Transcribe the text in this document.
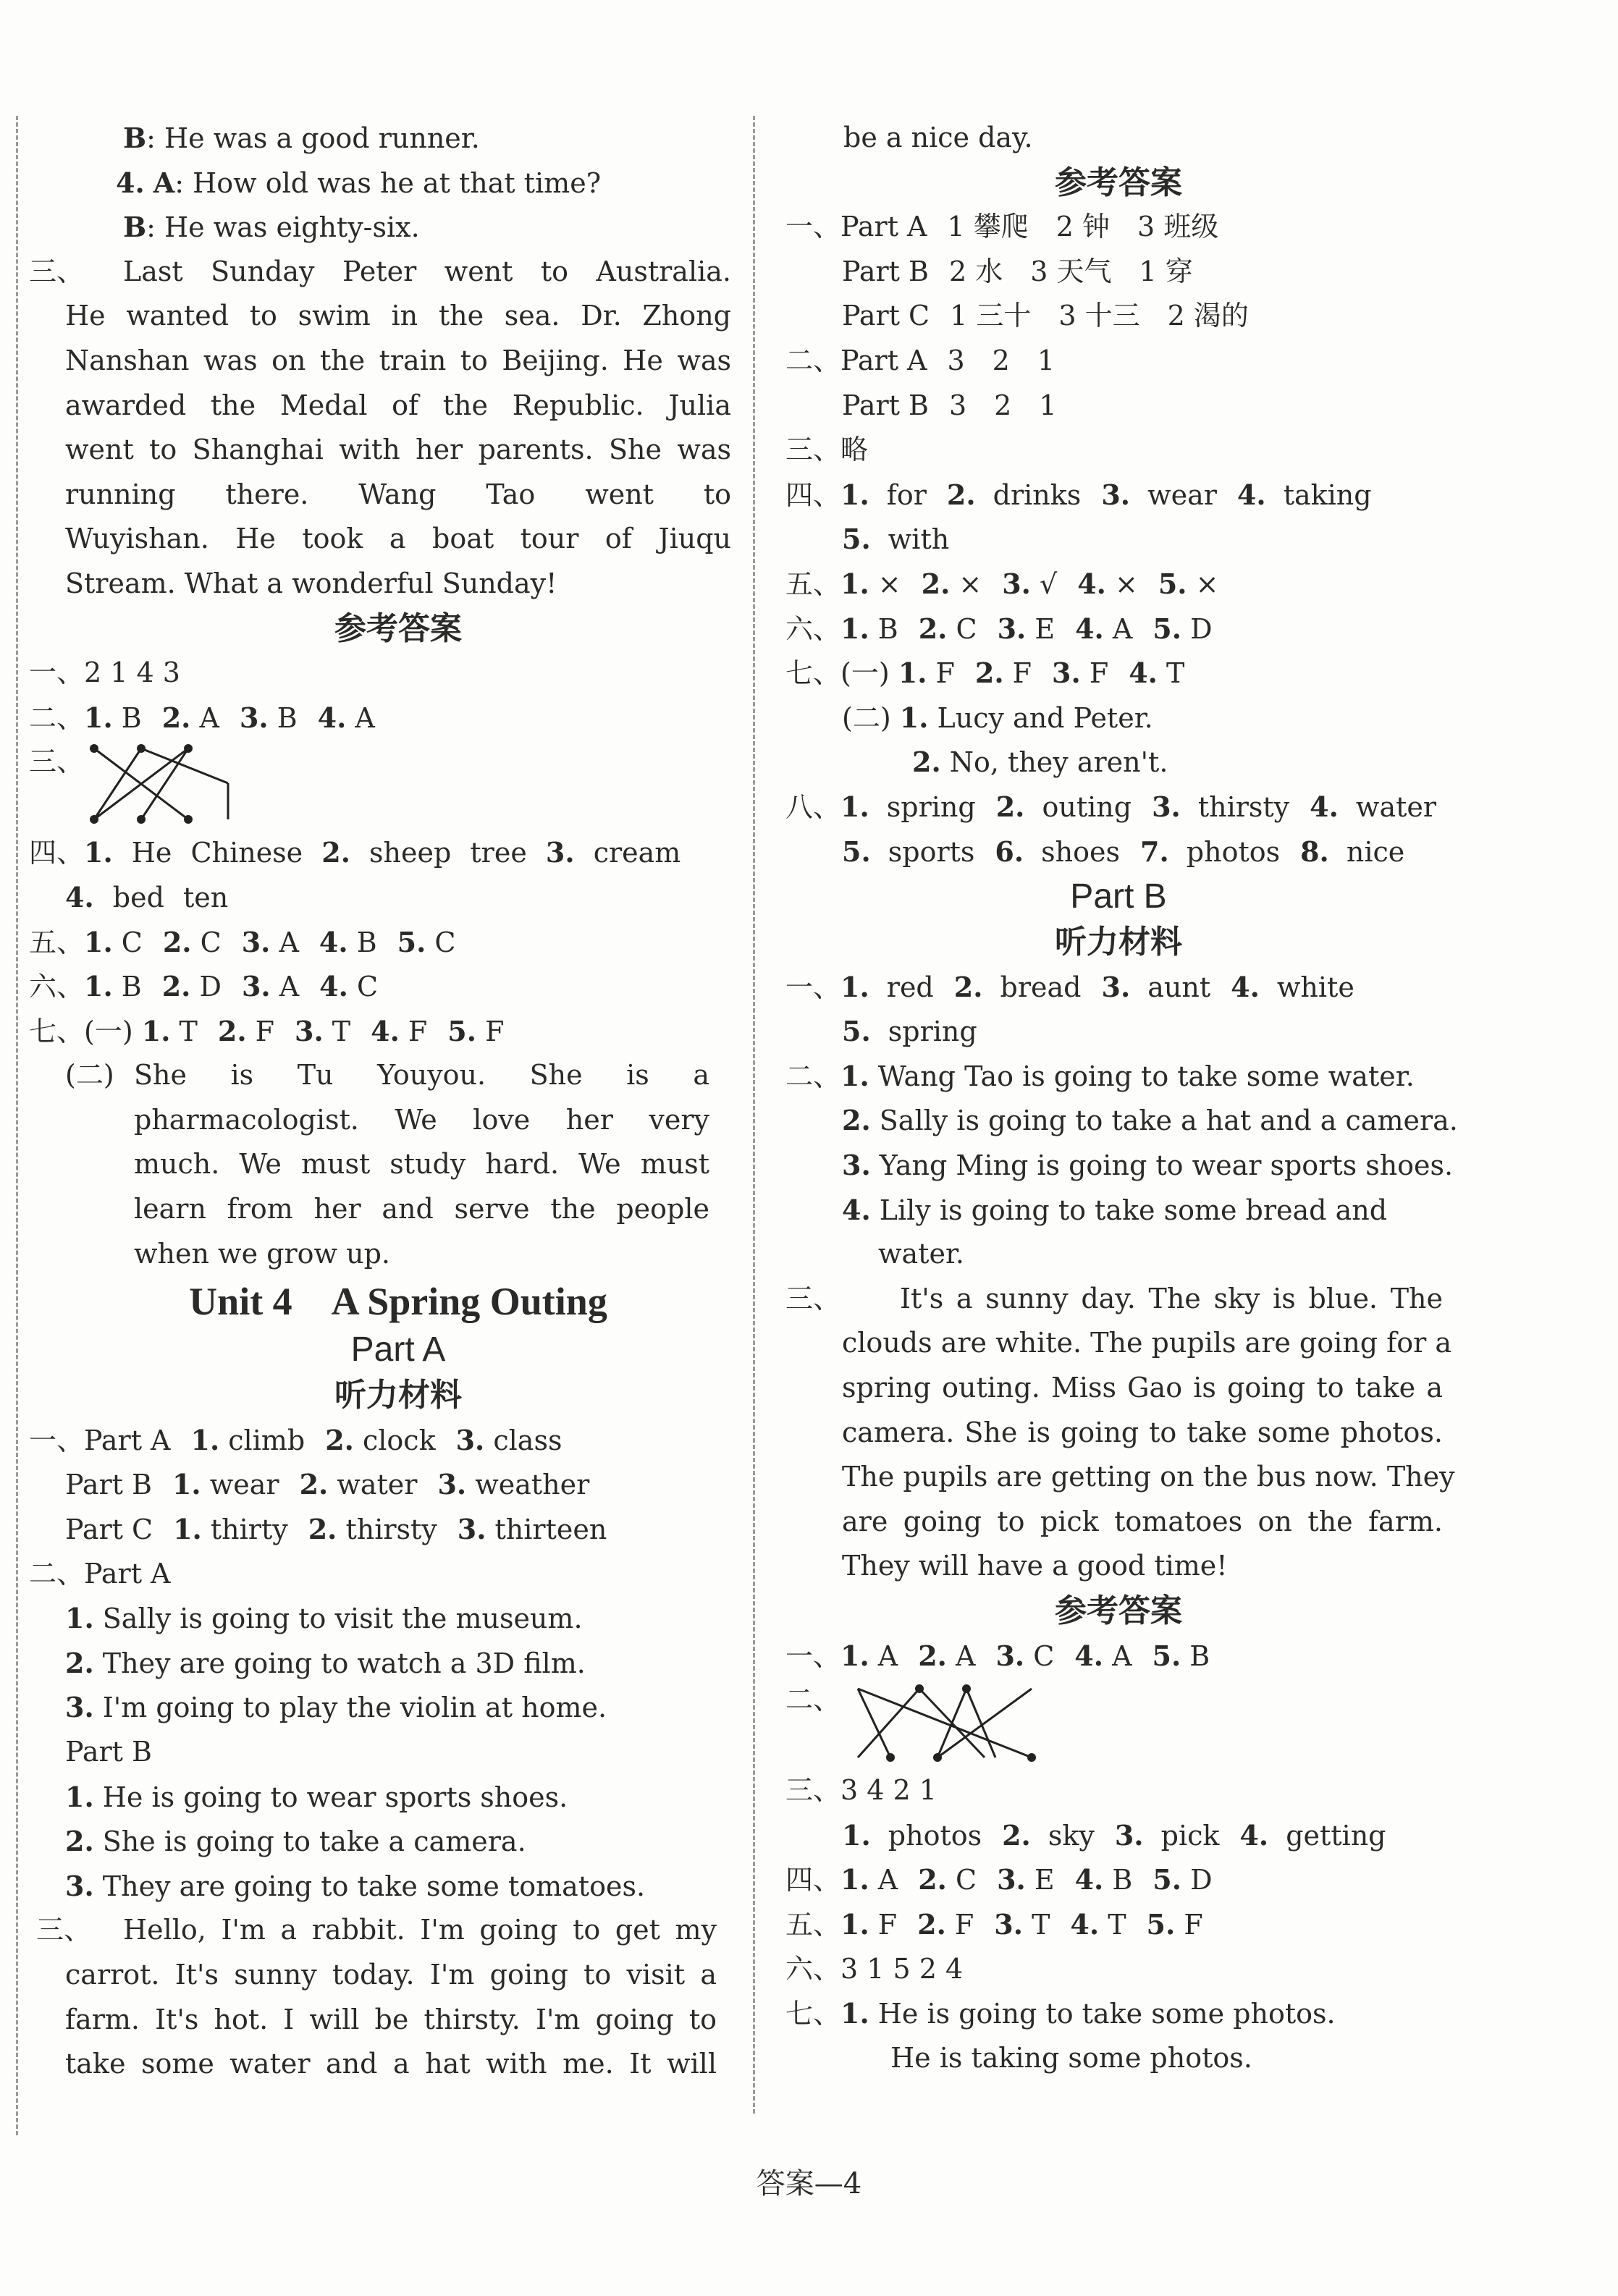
B: He was a good runner.
4. A: How old was he at that time?
B: He was eighty-six.
三、	Last Sunday Peter went to Australia.
He wanted to swim in the sea. Dr. Zhong
Nanshan was on the train to Beijing. He was
awarded the Medal of the Republic. Julia
went to Shanghai with her parents. She was
running there. Wang Tao went to
Wuyishan. He took a boat tour of Jiuqu
Stream. What a wonderful Sunday!
参考答案
一、2 1 4 3
二、1. B 2. A 3. B 4. A
三、
四、1. He Chinese 2. sheep tree 3. cream
4. bed ten
五、1. C 2. C 3. A 4. B 5. C
六、1. B 2. D 3. A 4. C
七、(一) 1. T 2. F 3. T 4. F 5. F
(二) She is Tu Youyou. She is a
pharmacologist. We love her very
much. We must study hard. We must
learn from her and serve the people
when we grow up.
Unit 4　A Spring Outing
Part A
听力材料
一、Part A 1. climb 2. clock 3. class
Part B 1. wear 2. water 3. weather
Part C 1. thirty 2. thirsty 3. thirteen
二、Part A
1. Sally is going to visit the museum.
2. They are going to watch a 3D film.
3. I'm going to play the violin at home.
Part B
1. He is going to wear sports shoes.
2. She is going to take a camera.
3. They are going to take some tomatoes.
三、	Hello, I'm a rabbit. I'm going to get my
carrot. It's sunny today. I'm going to visit a
farm. It's hot. I will be thirsty. I'm going to
take some water and a hat with me. It will
be a nice day.
参考答案
一、Part A 1 攀爬　2 钟　3 班级
Part B 2 水　3 天气　1 穿
Part C 1 三十　3 十三　2 渴的
二、Part A 3　2　1
Part B 3　2　1
三、略
四、1. for 2. drinks 3. wear 4. taking
5. with
五、1. × 2. × 3. √ 4. × 5. ×
六、1. B 2. C 3. E 4. A 5. D
七、(一) 1. F 2. F 3. F 4. T
(二) 1. Lucy and Peter.
2. No, they aren't.
八、1. spring 2. outing 3. thirsty 4. water
5. sports 6. shoes 7. photos 8. nice
Part B
听力材料
一、1. red 2. bread 3. aunt 4. white
5. spring
二、1. Wang Tao is going to take some water.
2. Sally is going to take a hat and a camera.
3. Yang Ming is going to wear sports shoes.
4. Lily is going to take some bread and
water.
三、	It's a sunny day. The sky is blue. The
clouds are white. The pupils are going for a
spring outing. Miss Gao is going to take a
camera. She is going to take some photos.
The pupils are getting on the bus now. They
are going to pick tomatoes on the farm.
They will have a good time!
参考答案
一、1. A 2. A 3. C 4. A 5. B
二、
三、3 4 2 1
1. photos 2. sky 3. pick 4. getting
四、1. A 2. C 3. E 4. B 5. D
五、1. F 2. F 3. T 4. T 5. F
六、3 1 5 2 4
七、1. He is going to take some photos.
He is taking some photos.
答案—4
